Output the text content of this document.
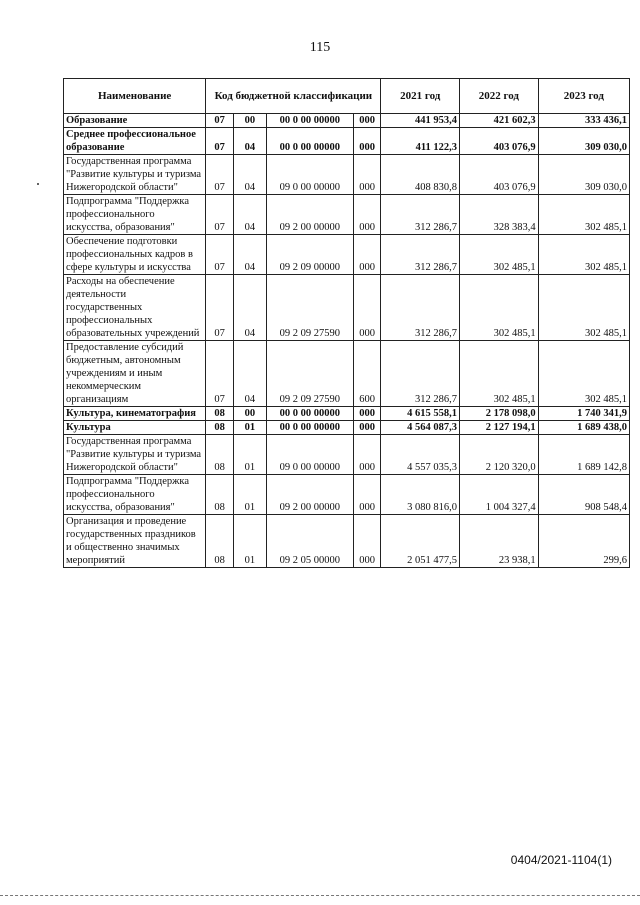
115
Наименование	Код бюджетной классификации				2021 год	2022 год	2023 год
Образование	07	00	00 0 00 00000	000	441 953,4	421 602,3	333 436,1
Среднее профессиональное образование	07	04	00 0 00 00000	000	411 122,3	403 076,9	309 030,0
Государственная программа "Развитие культуры и туризма Нижегородской области"	07	04	09 0 00 00000	000	408 830,8	403 076,9	309 030,0
Подпрограмма "Поддержка профессионального искусства, образования"	07	04	09 2 00 00000	000	312 286,7	328 383,4	302 485,1
Обеспечение подготовки профессиональных кадров в сфере культуры и искусства	07	04	09 2 09 00000	000	312 286,7	302 485,1	302 485,1
Расходы на обеспечение деятельности государственных профессиональных образовательных учреждений	07	04	09 2 09 27590	000	312 286,7	302 485,1	302 485,1
Предоставление субсидий бюджетным, автономным учреждениям и иным некоммерческим организациям	07	04	09 2 09 27590	600	312 286,7	302 485,1	302 485,1
Культура, кинематография	08	00	00 0 00 00000	000	4 615 558,1	2 178 098,0	1 740 341,9
Культура	08	01	00 0 00 00000	000	4 564 087,3	2 127 194,1	1 689 438,0
Государственная программа "Развитие культуры и туризма Нижегородской области"	08	01	09 0 00 00000	000	4 557 035,3	2 120 320,0	1 689 142,8
Подпрограмма "Поддержка профессионального искусства, образования"	08	01	09 2 00 00000	000	3 080 816,0	1 004 327,4	908 548,4
Организация и проведение государственных праздников и общественно значимых мероприятий	08	01	09 2 05 00000	000	2 051 477,5	23 938,1	299,6
0404/2021-1104(1)
